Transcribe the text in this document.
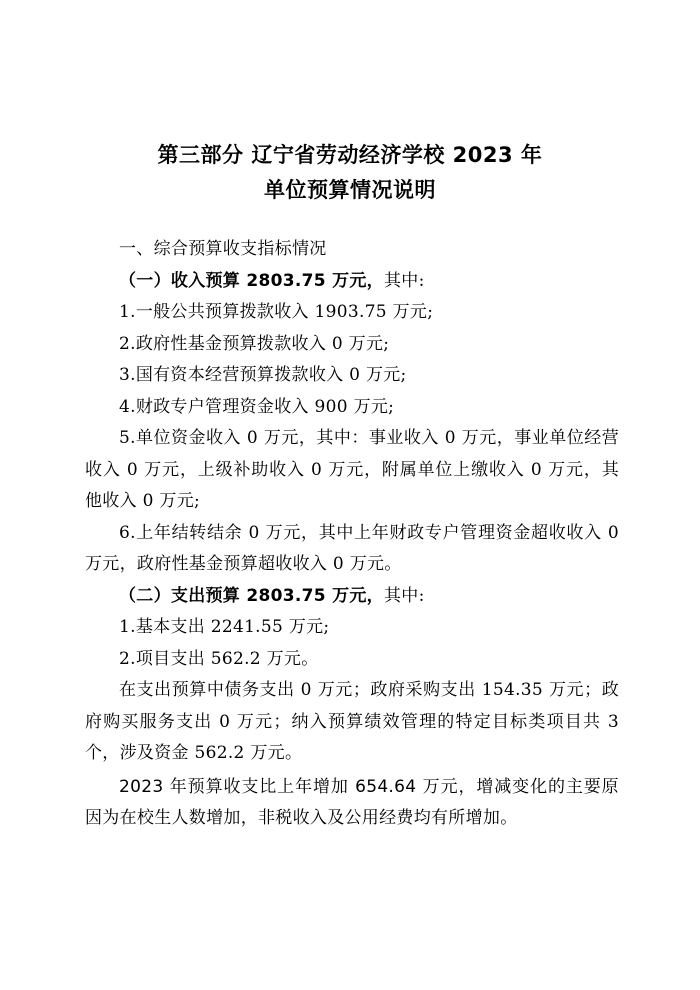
第三部分 辽宁省劳动经济学校 2023 年
单位预算情况说明

一、综合预算收支指标情况

（一）收入预算 2803.75 万元，其中:

1.一般公共预算拨款收入 1903.75 万元;

2.政府性基金预算拨款收入 0 万元;

3.国有资本经营预算拨款收入 0 万元;

4.财政专户管理资金收入 900 万元;

5.单位资金收入 0 万元，其中：事业收入 0 万元，事业单位经营收入 0 万元，上级补助收入 0 万元，附属单位上缴收入 0 万元，其他收入 0 万元;

6.上年结转结余 0 万元，其中上年财政专户管理资金超收收入 0 万元，政府性基金预算超收收入 0 万元。

（二）支出预算 2803.75 万元，其中:

1.基本支出 2241.55 万元;

2.项目支出 562.2 万元。

在支出预算中债务支出 0 万元；政府采购支出 154.35 万元；政府购买服务支出 0 万元；纳入预算绩效管理的特定目标类项目共 3 个，涉及资金 562.2 万元。

2023 年预算收支比上年增加 654.64 万元，增减变化的主要原因为在校生人数增加，非税收入及公用经费均有所增加。
